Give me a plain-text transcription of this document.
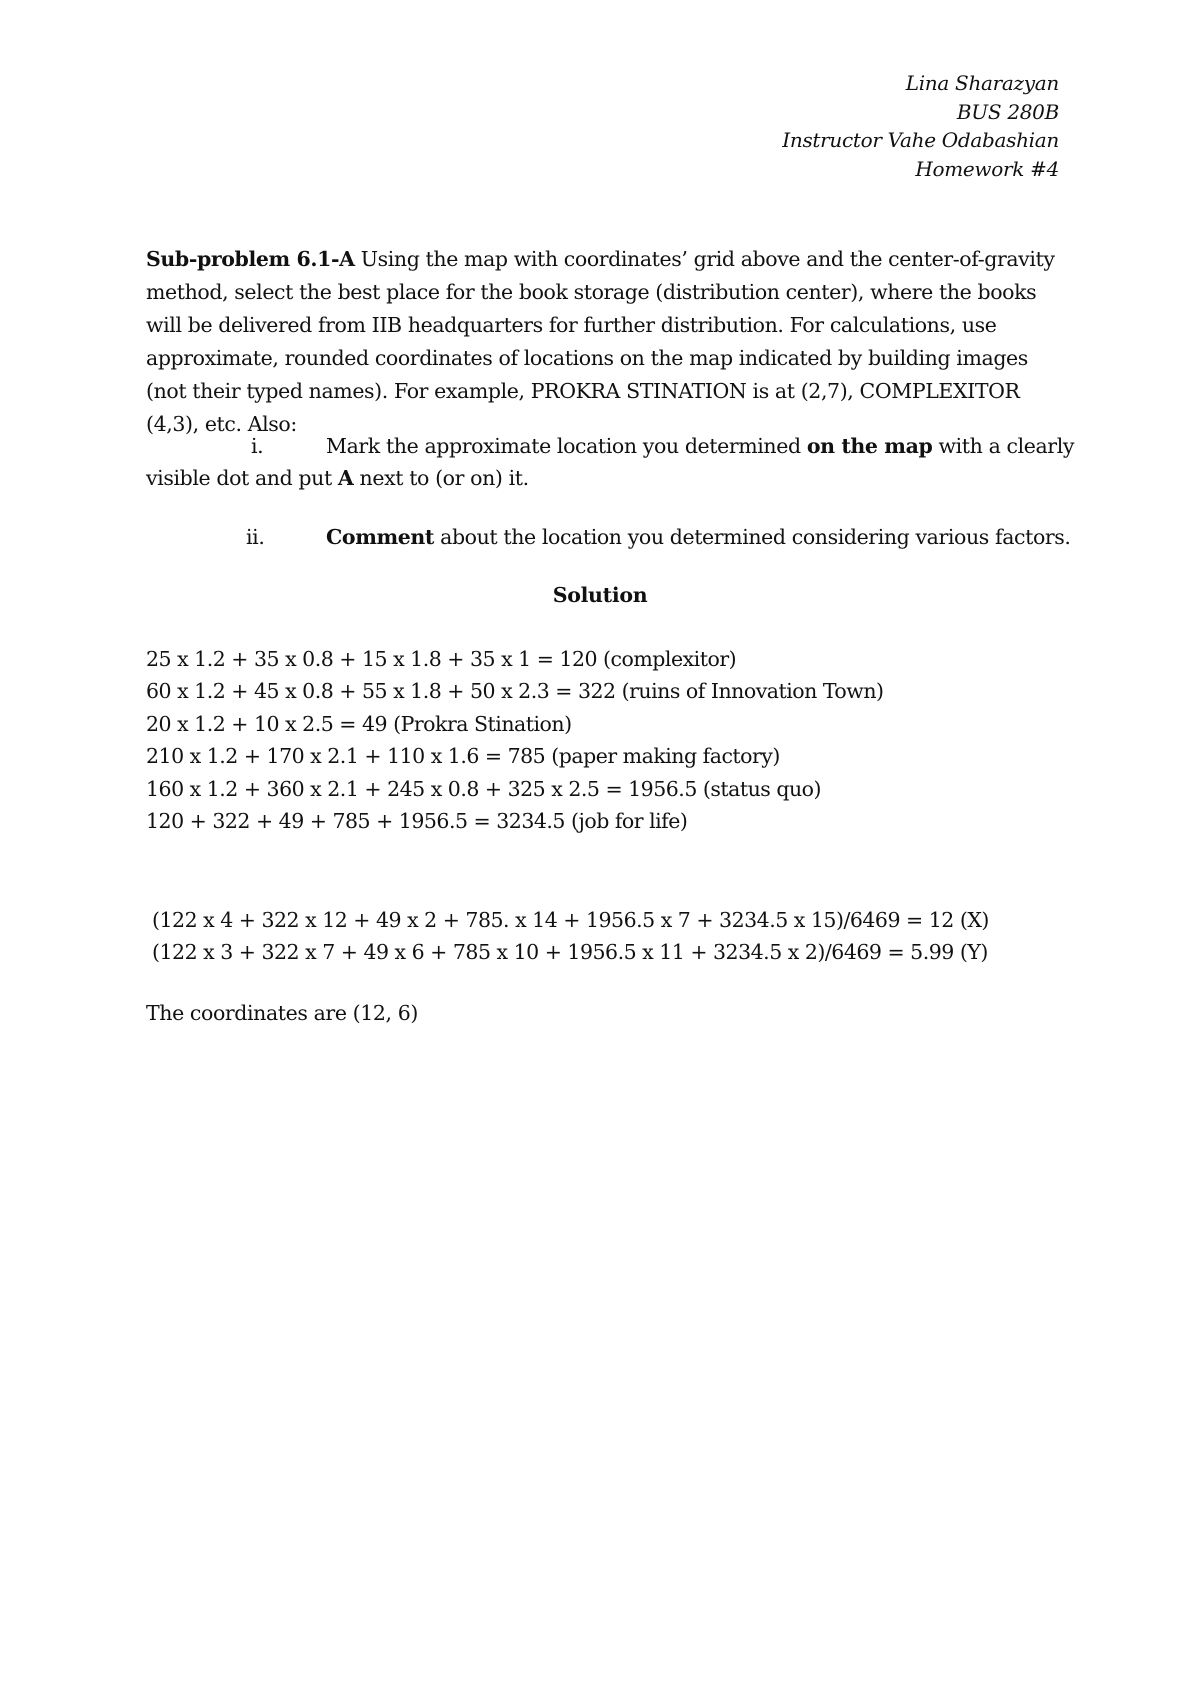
Lina Sharazyan
BUS 280B
Instructor Vahe Odabashian
Homework #4

Sub-problem 6.1-A Using the map with coordinates’ grid above and the center-of-gravity method, select the best place for the book storage (distribution center), where the books will be delivered from IIB headquarters for further distribution. For calculations, use approximate, rounded coordinates of locations on the map indicated by building images (not their typed names). For example, PROKRA STINATION is at (2,7), COMPLEXITOR (4,3), etc. Also:

i.	Mark the approximate location you determined on the map with a clearly
visible dot and put A next to (or on) it.
ii.	Comment about the location you determined considering various factors.
Solution
25 x 1.2 + 35 x 0.8 + 15 x 1.8 + 35 x 1 = 120 (complexitor)
60 x 1.2 + 45 x 0.8 + 55 x 1.8 + 50 x 2.3 = 322 (ruins of Innovation Town)
20 x 1.2 + 10 x 2.5 = 49 (Prokra Stination)
210 x 1.2 + 170 x 2.1 + 110 x 1.6 = 785 (paper making factory)
160 x 1.2 + 360 x 2.1 + 245 x 0.8 + 325 x 2.5 = 1956.5 (status quo)
120 + 322 + 49 + 785 + 1956.5 = 3234.5 (job for life)
(122 x 4 + 322 x 12 + 49 x 2 + 785. x 14 + 1956.5 x 7 + 3234.5 x 15)/6469 = 12 (X)
(122 x 3 + 322 x 7 + 49 x 6 + 785 x 10 + 1956.5 x 11 + 3234.5 x 2)/6469 = 5.99 (Y)
The coordinates are (12, 6)
